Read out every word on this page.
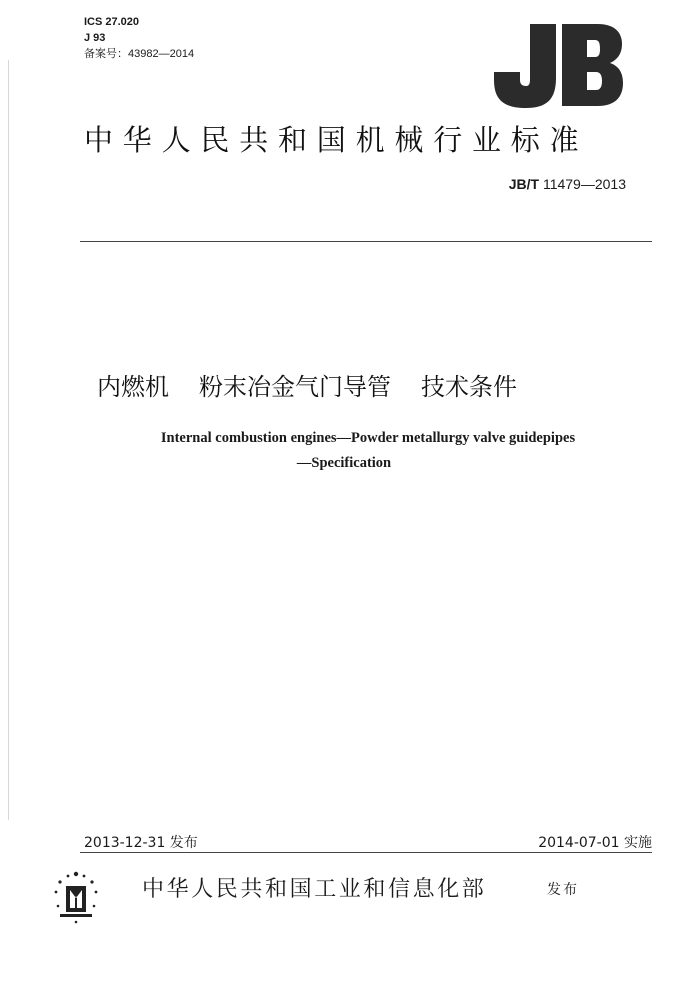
ICS 27.020
J 93
备案号：43982—2014
中华人民共和国机械行业标准
JB/T 11479—2013
内燃机 粉末冶金气门导管 技术条件
Internal combustion engines—Powder metallurgy valve guidepipes
—Specification
2013-12-31 发布	2014-07-01 实施
中华人民共和国工业和信息化部	发布
